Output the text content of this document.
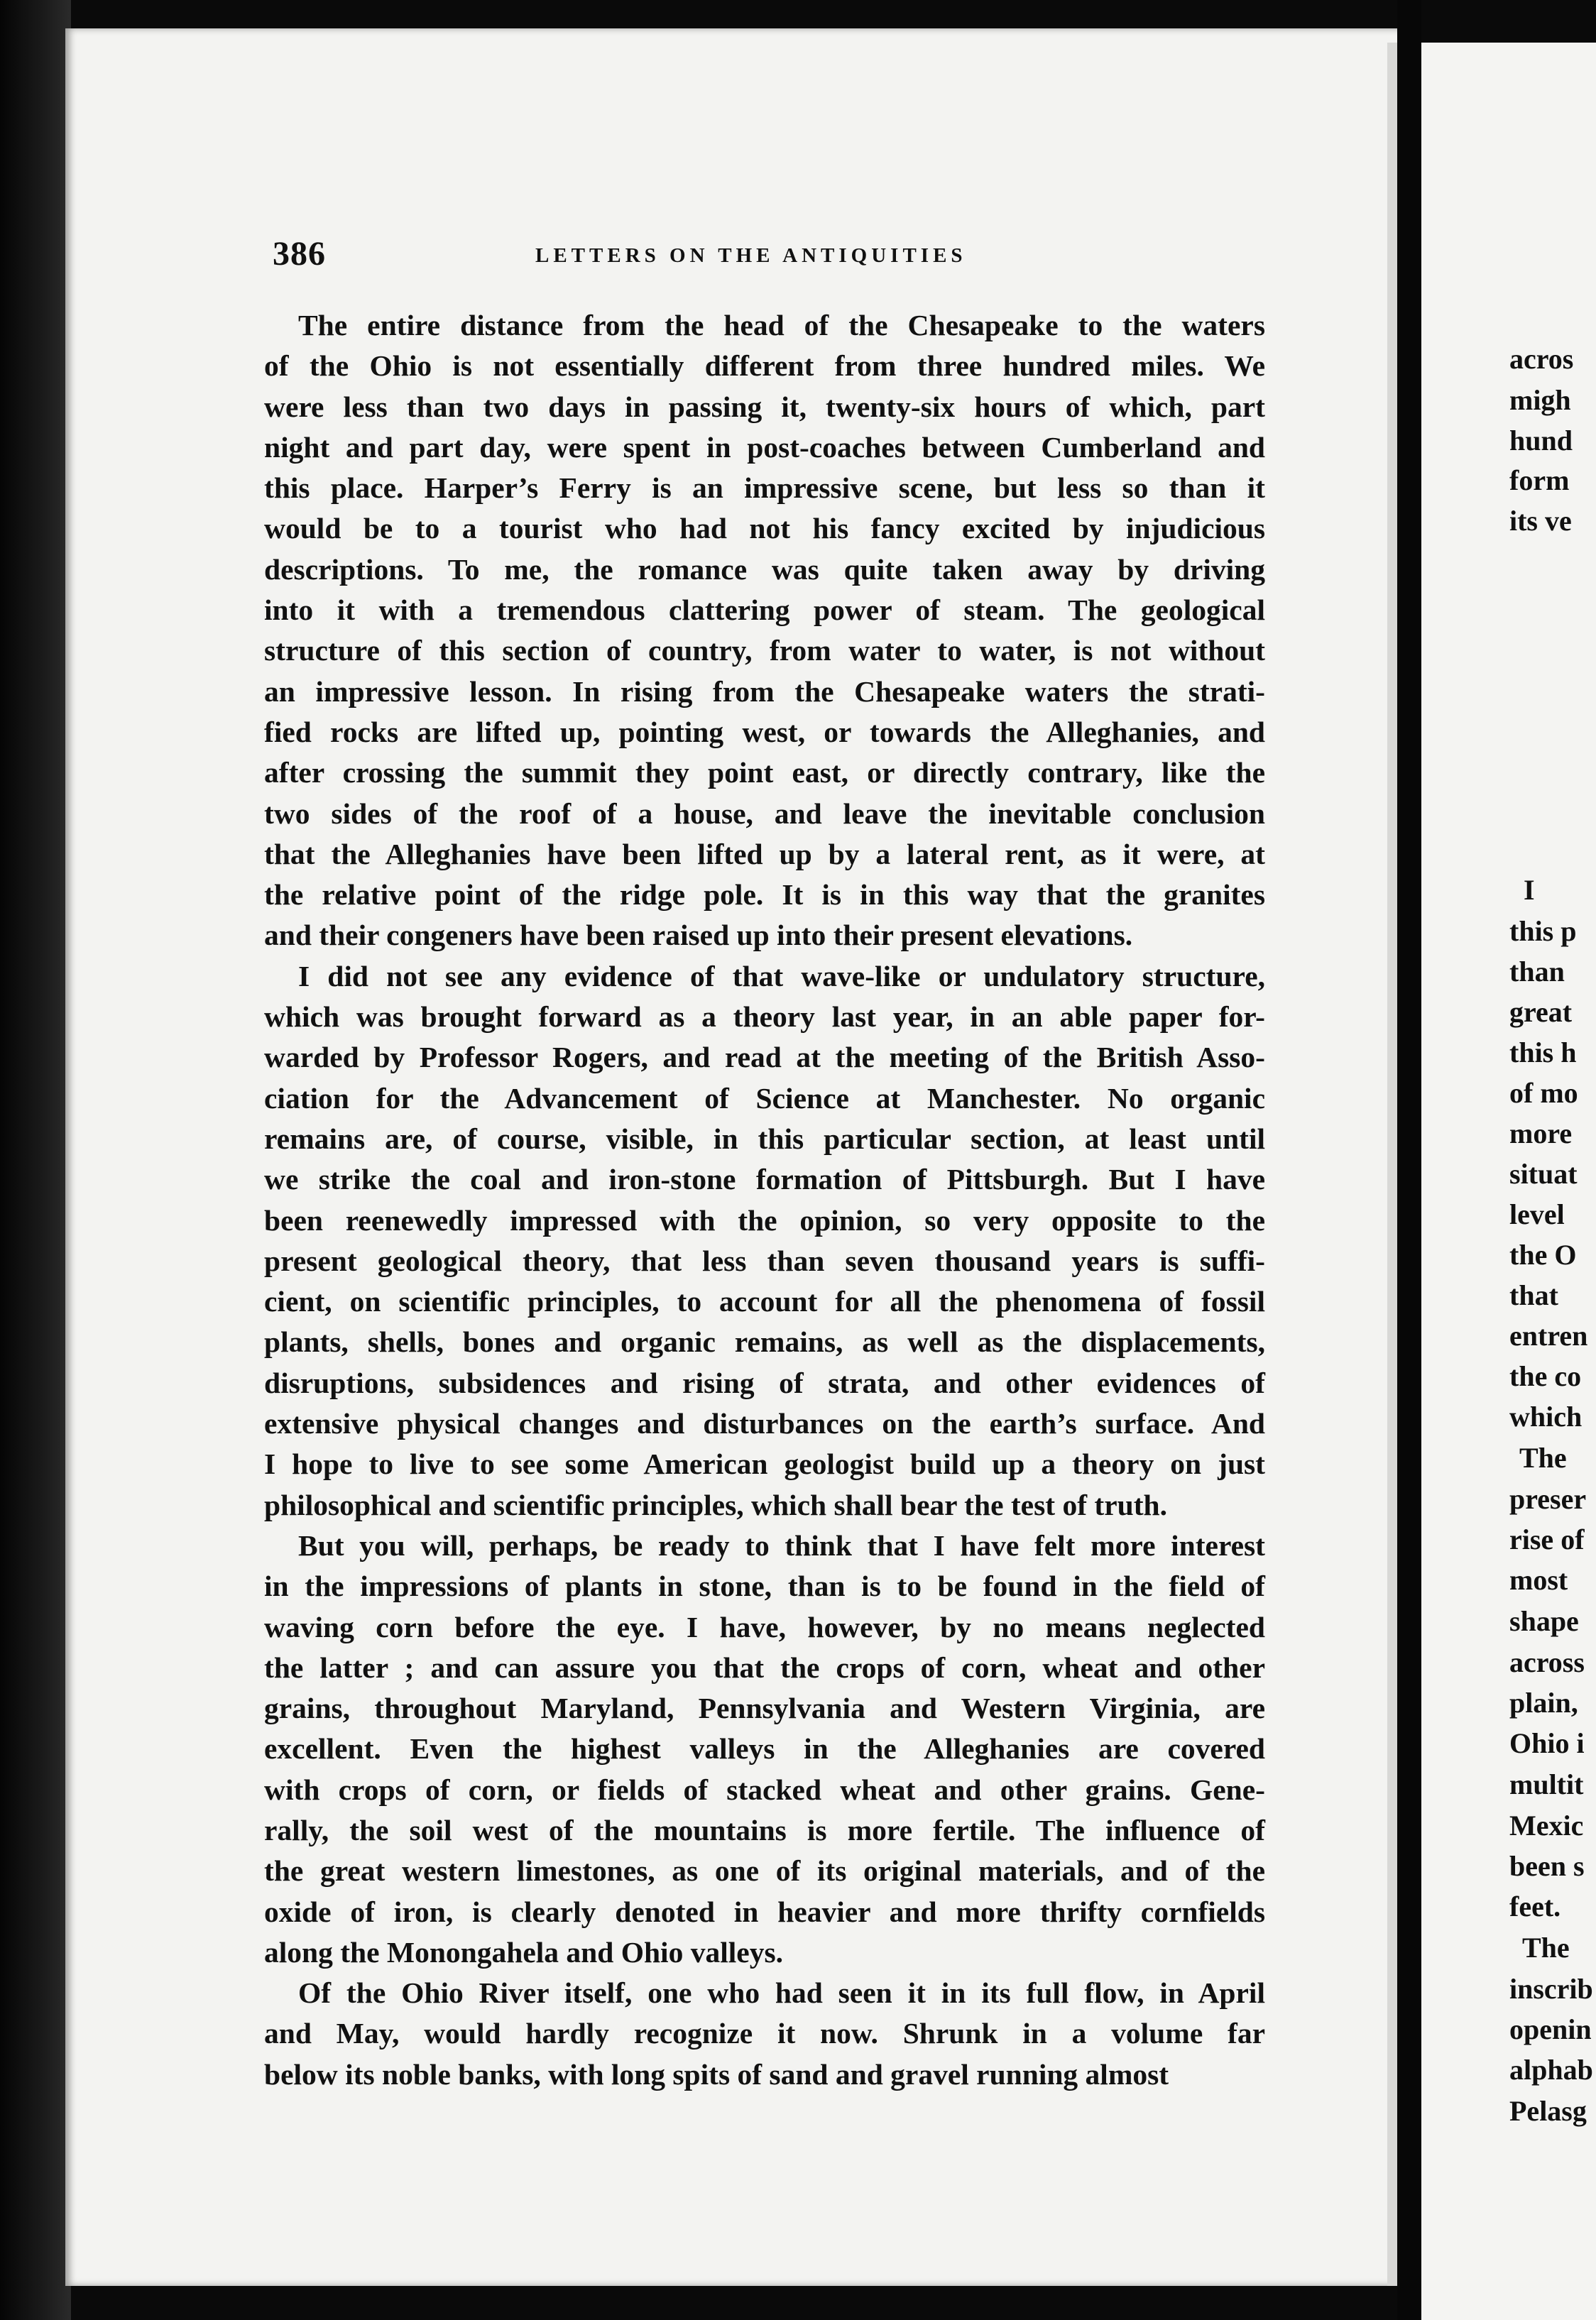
386	LETTERS ON THE ANTIQUITIES
The entire distance from the head of the Chesapeake to the waters
of the Ohio is not essentially different from three hundred miles. We
were less than two days in passing it, twenty-six hours of which, part
night and part day, were spent in post-coaches between Cumberland and
this place. Harper’s Ferry is an impressive scene, but less so than it
would be to a tourist who had not his fancy excited by injudicious
descriptions. To me, the romance was quite taken away by driving
into it with a tremendous clattering power of steam. The geological
structure of this section of country, from water to water, is not without
an impressive lesson. In rising from the Chesapeake waters the strati-
fied rocks are lifted up, pointing west, or towards the Alleghanies, and
after crossing the summit they point east, or directly contrary, like the
two sides of the roof of a house, and leave the inevitable conclusion
that the Alleghanies have been lifted up by a lateral rent, as it were, at
the relative point of the ridge pole. It is in this way that the granites
and their congeners have been raised up into their present elevations.
I did not see any evidence of that wave-like or undulatory structure,
which was brought forward as a theory last year, in an able paper for-
warded by Professor Rogers, and read at the meeting of the British Asso-
ciation for the Advancement of Science at Manchester. No organic
remains are, of course, visible, in this particular section, at least until
we strike the coal and iron-stone formation of Pittsburgh. But I have
been reenewedly impressed with the opinion, so very opposite to the
present geological theory, that less than seven thousand years is suffi-
cient, on scientific principles, to account for all the phenomena of fossil
plants, shells, bones and organic remains, as well as the displacements,
disruptions, subsidences and rising of strata, and other evidences of
extensive physical changes and disturbances on the earth’s surface. And
I hope to live to see some American geologist build up a theory on just
philosophical and scientific principles, which shall bear the test of truth.
But you will, perhaps, be ready to think that I have felt more interest
in the impressions of plants in stone, than is to be found in the field of
waving corn before the eye. I have, however, by no means neglected
the latter ; and can assure you that the crops of corn, wheat and other
grains, throughout Maryland, Pennsylvania and Western Virginia, are
excellent. Even the highest valleys in the Alleghanies are covered
with crops of corn, or fields of stacked wheat and other grains. Gene-
rally, the soil west of the mountains is more fertile. The influence of
the great western limestones, as one of its original materials, and of the
oxide of iron, is clearly denoted in heavier and more thrifty cornfields
along the Monongahela and Ohio valleys.
Of the Ohio River itself, one who had seen it in its full flow, in April
and May, would hardly recognize it now. Shrunk in a volume far
below its noble banks, with long spits of sand and gravel running almost
acros
migh
hund
form
its ve
I
this p
than
great
this h
of mo
more
situat
level
the O
that
entren
the co
which
The
preser
rise of
most
shape
across
plain,
Ohio i
multit
Mexic
been s
feet.
The
inscrib
openin
alphab
Pelasg
